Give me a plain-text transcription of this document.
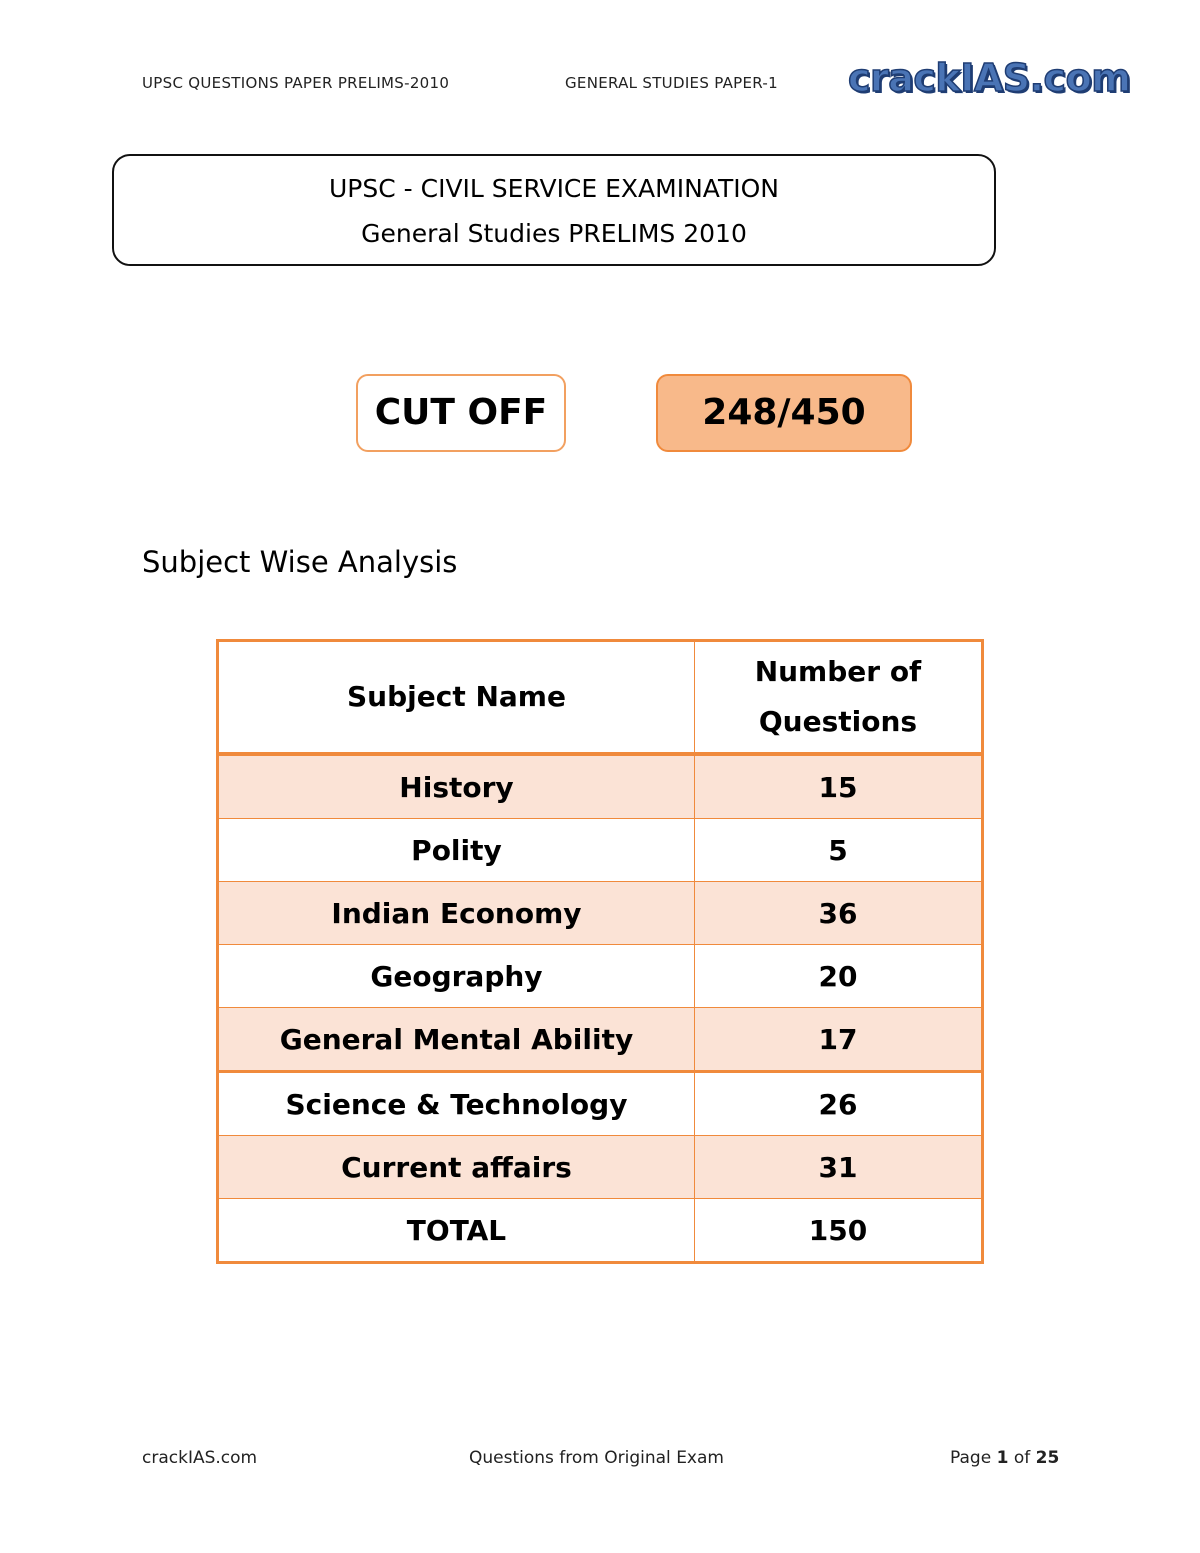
UPSC QUESTIONS PAPER PRELIMS-2010	GENERAL STUDIES PAPER-1 crackIAS.com
UPSC - CIVIL SERVICE EXAMINATION
General Studies PRELIMS 2010
CUT OFF	248/450
Subject Wise Analysis
Subject Name	Number of Questions
History	15
Polity	5
Indian Economy	36
Geography	20
General Mental Ability	17
Science & Technology	26
Current affairs	31
TOTAL	150
crackIAS.com	Questions from Original Exam	Page 1 of 25
